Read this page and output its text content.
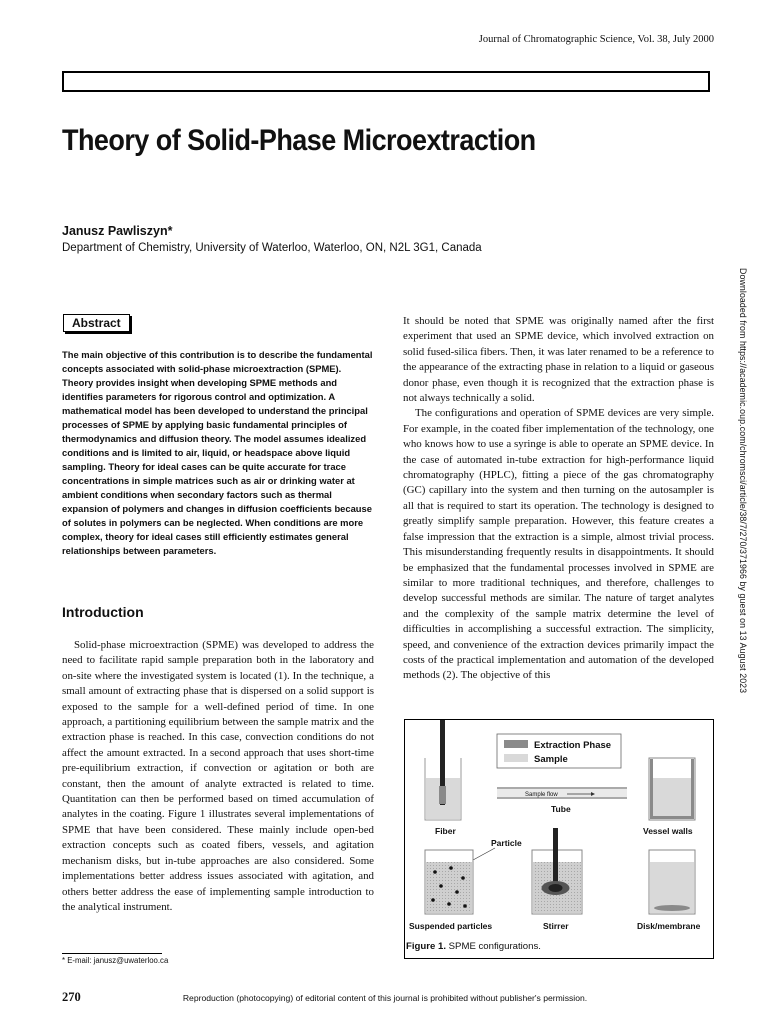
Journal of Chromatographic Science, Vol. 38, July 2000
Theory of Solid-Phase Microextraction
Janusz Pawliszyn*
Department of Chemistry, University of Waterloo, Waterloo, ON, N2L 3G1, Canada
Downloaded from https://academic.oup.com/chromsci/article/38/7/270/371966 by guest on 13 August 2023
Abstract
The main objective of this contribution is to describe the fundamental concepts associated with solid-phase microextraction (SPME). Theory provides insight when developing SPME methods and identifies parameters for rigorous control and optimization. A mathematical model has been developed to understand the principal processes of SPME by applying basic fundamental principles of thermodynamics and diffusion theory. The model assumes idealized conditions and is limited to air, liquid, or headspace above liquid sampling. Theory for ideal cases can be quite accurate for trace concentrations in simple matrices such as air or drinking water at ambient conditions when secondary factors such as thermal expansion of polymers and changes in diffusion coefficients because of solutes in polymers can be neglected. When conditions are more complex, theory for ideal cases still efficiently estimates general relationships between parameters.
Introduction

Solid-phase microextraction (SPME) was developed to address the need to facilitate rapid sample preparation both in the laboratory and on-site where the investigated system is located (1). In the technique, a small amount of extracting phase that is dispersed on a solid support is exposed to the sample for a well-defined period of time. In one approach, a partitioning equilibrium between the sample matrix and the extraction phase is reached. In this case, convection conditions do not affect the amount extracted. In a second approach that uses short-time pre-equilibrium extraction, if convection or agitation or both are constant, then the amount of analyte extracted is related to time. Quantitation can then be performed based on timed accumulation of analytes in the coating. Figure 1 illustrates several implementations of SPME that have been considered. These mainly include open-bed extraction concepts such as coated fibers, vessels, and agitation mechanism disks, but in-tube approaches are also considered. Some implementations better address issues associated with agitation, and others better address the ease of implementing sample introduction to the analytical instrument.

It should be noted that SPME was originally named after the first experiment that used an SPME device, which involved extraction on solid fused-silica fibers. Then, it was later renamed to be a reference to the appearance of the extracting phase in relation to a liquid or gaseous donor phase, even though it is recognized that the extraction phase is not always technically a solid.

The configurations and operation of SPME devices are very simple. For example, in the coated fiber implementation of the technology, one who knows how to use a syringe is able to operate an SPME device. In the case of automated in-tube extraction for high-performance liquid chromatography (HPLC), fitting a piece of the gas chromatography (GC) capillary into the system and then turning on the autosampler is all that is required to start its operation. The technology is designed to greatly simplify sample preparation. However, this feature creates a false impression that the extraction is a simple, almost trivial process. This misunderstanding frequently results in disappointments. It should be emphasized that the fundamental processes involved in SPME are similar to more traditional techniques, and therefore, challenges to develop successful methods are similar. The nature of target analytes and the complexity of the sample matrix determine the level of difficulties in accomplishing a successful extraction. The simplicity, speed, and convenience of the extraction devices primarily impact the costs of the practical implementation and automation of the developed methods (2). The objective of this

Extraction Phase
Sample
Fiber
Sample flow
Tube
Vessel walls
Particle
Suspended particles	Stirrer	Disk/membrane
Figure 1. SPME configurations.
* E-mail: janusz@uwaterloo.ca
270	Reproduction (photocopying) of editorial content of this journal is prohibited without publisher's permission.
